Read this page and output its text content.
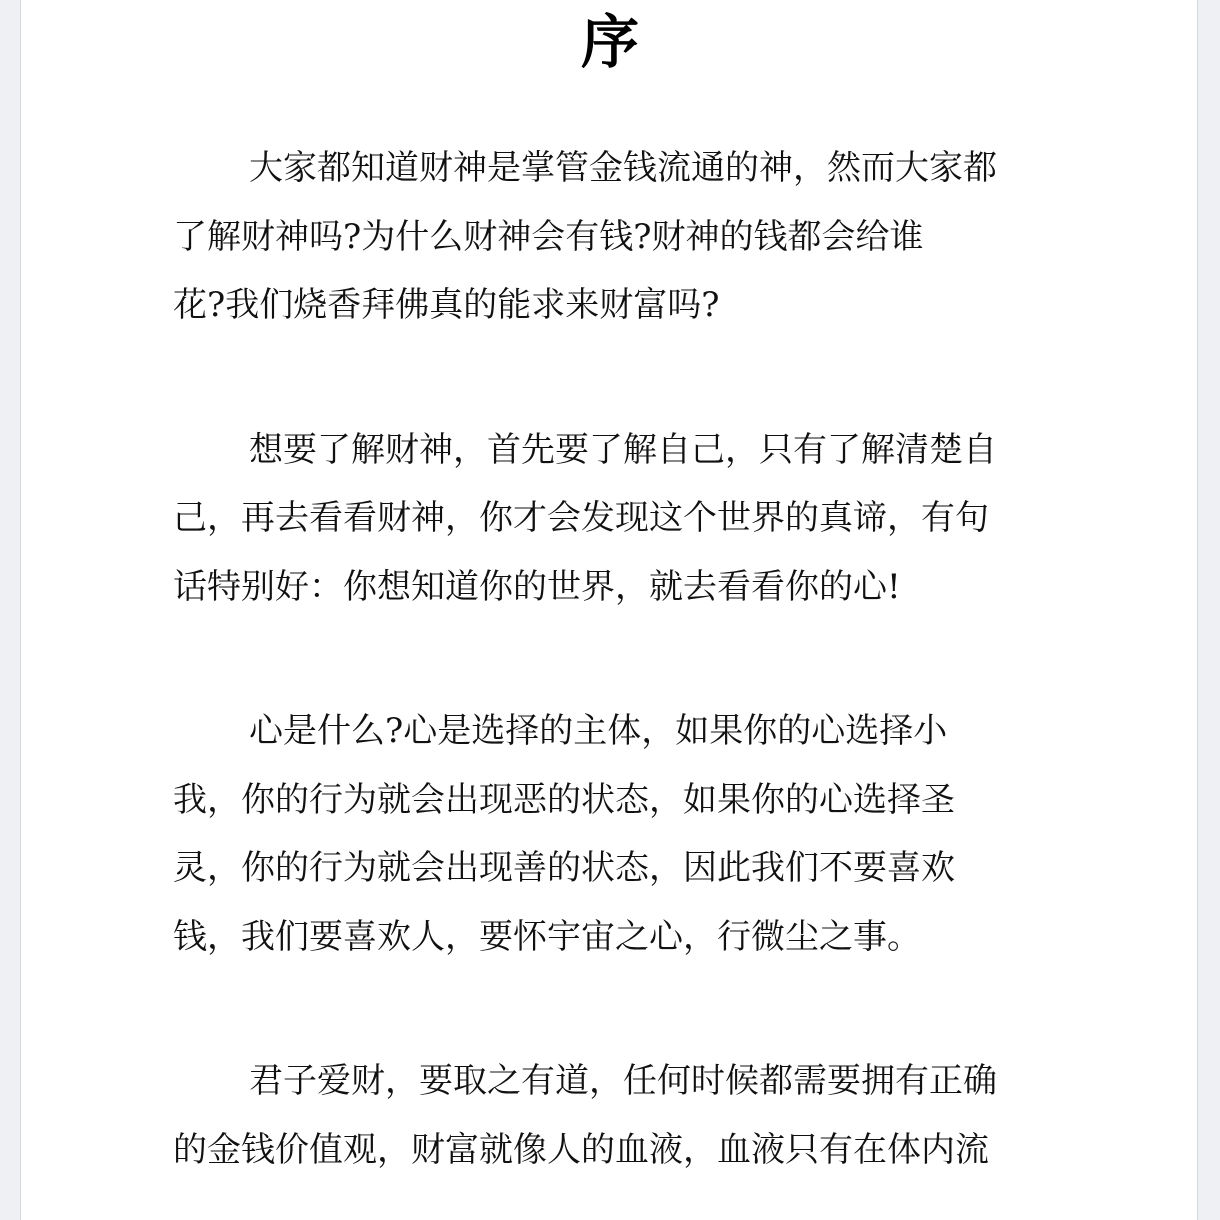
序

大家都知道财神是掌管金钱流通的神，然而大家都
了解财神吗?为什么财神会有钱?财神的钱都会给谁
花?我们烧香拜佛真的能求来财富吗?

想要了解财神，首先要了解自己，只有了解清楚自
己，再去看看财神，你才会发现这个世界的真谛，有句
话特别好：你想知道你的世界，就去看看你的心!

心是什么?心是选择的主体，如果你的心选择小
我，你的行为就会出现恶的状态，如果你的心选择圣
灵，你的行为就会出现善的状态，因此我们不要喜欢
钱，我们要喜欢人，要怀宇宙之心，行微尘之事。

君子爱财，要取之有道，任何时候都需要拥有正确
的金钱价值观，财富就像人的血液，血液只有在体内流
